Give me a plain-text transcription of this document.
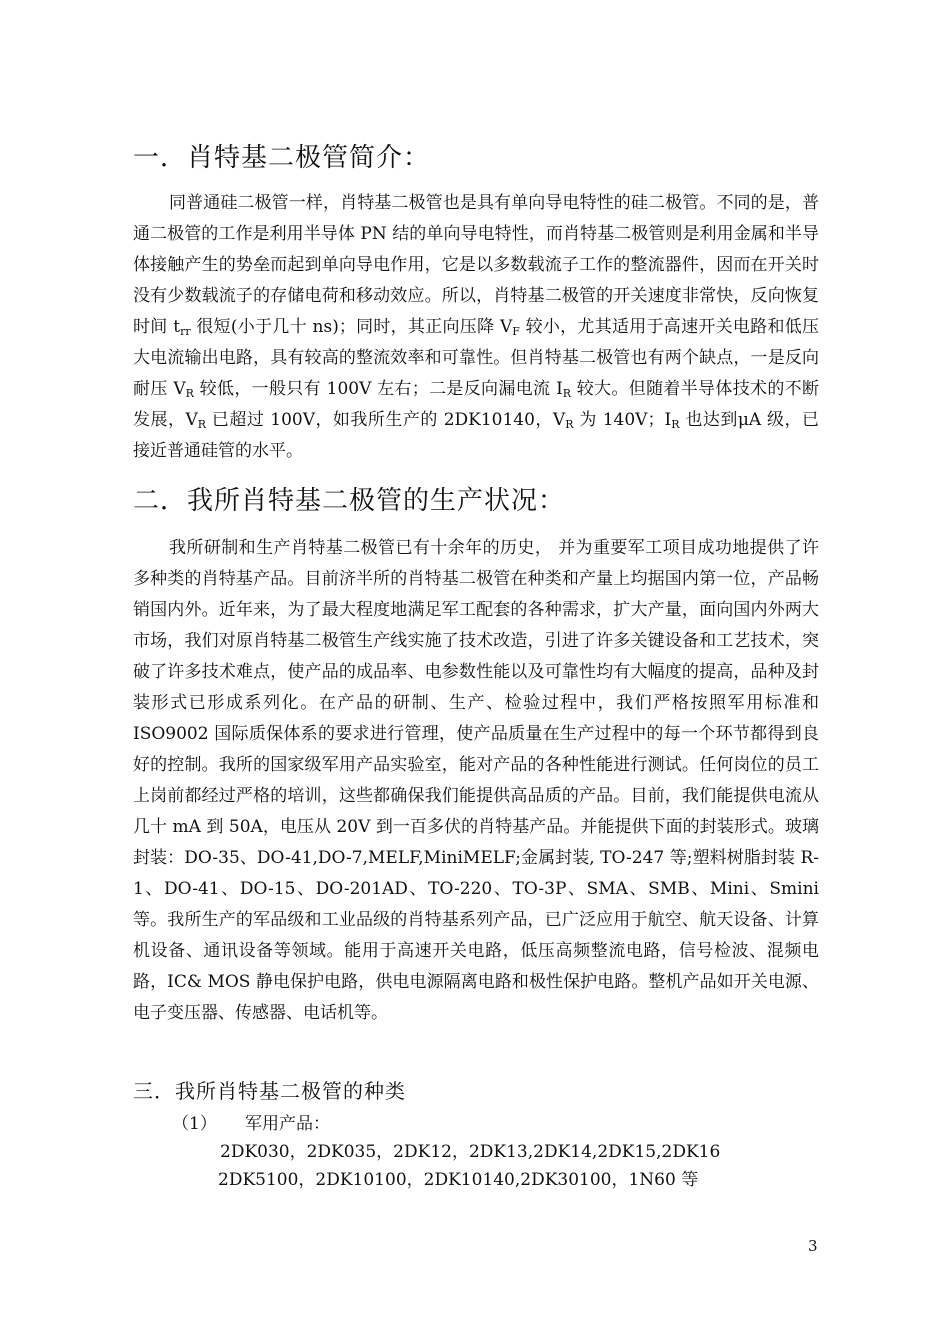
一．肖特基二极管简介：
同普通硅二极管一样，肖特基二极管也是具有单向导电特性的硅二极管。不同的是，普通二极管的工作是利用半导体 PN 结的单向导电特性，而肖特基二极管则是利用金属和半导体接触产生的势垒而起到单向导电作用，它是以多数载流子工作的整流器件，因而在开关时没有少数载流子的存储电荷和移动效应。所以，肖特基二极管的开关速度非常快，反向恢复时间 $t_{rr}$ 很短(小于几十 ns)；同时，其正向压降 $V_F$ 较小，尤其适用于高速开关电路和低压大电流输出电路，具有较高的整流效率和可靠性。但肖特基二极管也有两个缺点，一是反向耐压 $V_R$ 较低，一般只有 100V 左右；二是反向漏电流 $I_R$ 较大。但随着半导体技术的不断发展，$V_R$ 已超过 100V，如我所生产的 2DK10140，$V_R$ 为 140V；$I_R$ 也达到μA 级，已接近普通硅管的水平。
二．我所肖特基二极管的生产状况：
我所研制和生产肖特基二极管已有十余年的历史， 并为重要军工项目成功地提供了许多种类的肖特基产品。目前济半所的肖特基二极管在种类和产量上均据国内第一位，产品畅销国内外。近年来，为了最大程度地满足军工配套的各种需求，扩大产量，面向国内外两大市场，我们对原肖特基二极管生产线实施了技术改造，引进了许多关键设备和工艺技术，突破了许多技术难点，使产品的成品率、电参数性能以及可靠性均有大幅度的提高，品种及封装形式已形成系列化。在产品的研制、生产、检验过程中，我们严格按照军用标准和 ISO9002 国际质保体系的要求进行管理，使产品质量在生产过程中的每一个环节都得到良好的控制。我所的国家级军用产品实验室，能对产品的各种性能进行测试。任何岗位的员工上岗前都经过严格的培训，这些都确保我们能提供高品质的产品。目前，我们能提供电流从几十 mA 到 50A，电压从 20V 到一百多伏的肖特基产品。并能提供下面的封装形式。玻璃封装：DO-35、DO-41,DO-7,MELF,MiniMELF;金属封装, TO-247 等;塑料树脂封装 R-1、DO-41、DO-15、DO-201AD、TO-220、TO-3P、SMA、SMB、Mini、Smini 等。我所生产的军品级和工业品级的肖特基系列产品，已广泛应用于航空、航天设备、计算机设备、通讯设备等领域。能用于高速开关电路，低压高频整流电路，信号检波、混频电路，IC& MOS 静电保护电路，供电电源隔离电路和极性保护电路。整机产品如开关电源、电子变压器、传感器、电话机等。
三．我所肖特基二极管的种类
（1） 军用产品：
2DK030，2DK035，2DK12，2DK13,2DK14,2DK15,2DK16
2DK5100，2DK10100，2DK10140,2DK30100，1N60 等
3
